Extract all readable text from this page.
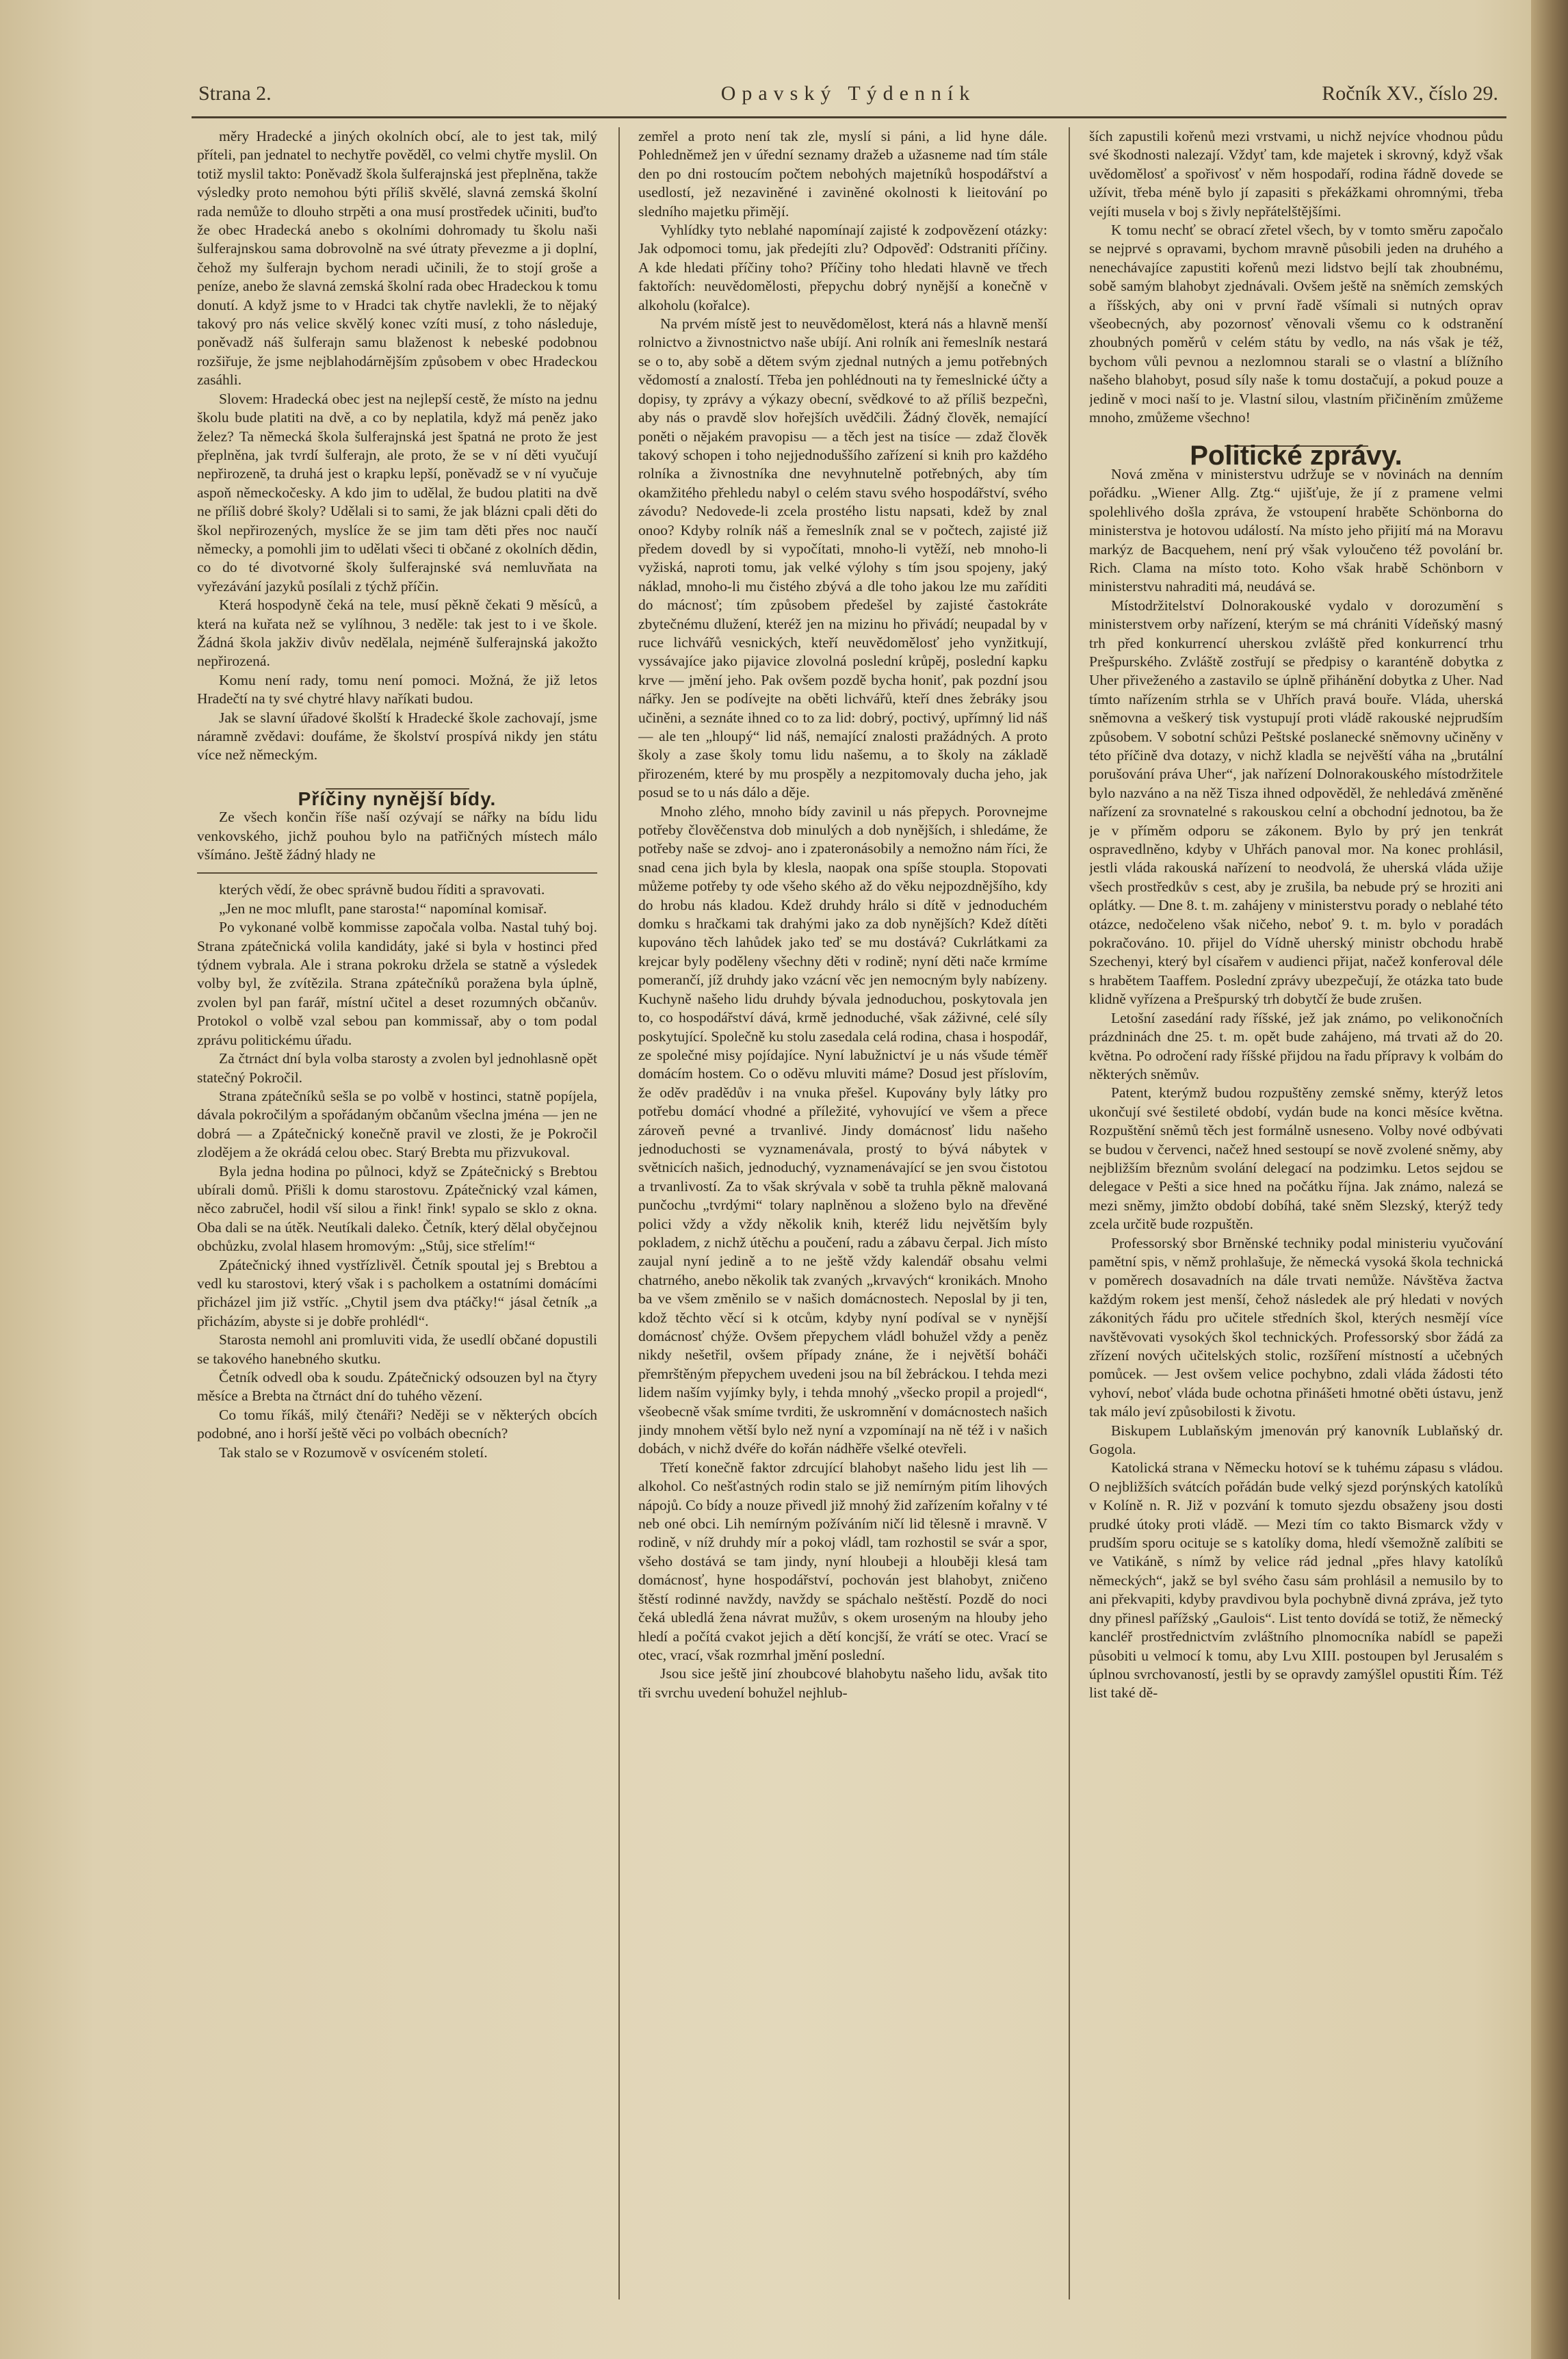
Strana 2.	Opavský Týdenník	Ročník XV., číslo 29.

měry Hradecké a jiných okolních obcí, ale to jest tak, milý příteli, pan jednatel to nechytře pověděl, co velmi chytře myslil. On totiž myslil takto: Poněvadž škola šulferajnská jest přeplněna, takže výsledky proto nemohou býti příliš skvělé, slavná zemská školní rada nemůže to dlouho strpěti a ona musí prostředek učiniti, buďto že obec Hradecká anebo s okolními dohromady tu školu naši šulferajnskou sama dobrovolně na své útraty převezme a ji doplní, čehož my šulferajn bychom neradi učinili, že to stojí groše a peníze, anebo že slavná zemská školní rada obec Hradeckou k tomu donutí. A když jsme to v Hradci tak chytře navlekli, že to nějaký takový pro nás velice skvělý konec vzíti musí, z toho následuje, poněvadž náš šulferajn samu blaženost k nebeské podobnou rozšiřuje, že jsme nejblahodárnějším způsobem v obec Hradeckou zasáhli.

Slovem: Hradecká obec jest na nejlepší cestě, že místo na jednu školu bude platiti na dvě, a co by neplatila, když má peněz jako želez? Ta německá škola šulferajnská jest špatná ne proto že jest přeplněna, jak tvrdí šulferajn, ale proto, že se v ní děti vyučují nepřirozeně, ta druhá jest o krapku lepší, poněvadž se v ní vyučuje aspoň německočesky. A kdo jim to udělal, že budou platiti na dvě ne příliš dobré školy? Udělali si to sami, že jak blázni cpali děti do škol nepřirozených, myslíce že se jim tam děti přes noc naučí německy, a pomohli jim to udělati všeci ti občané z okolních dědin, co do té divotvorné školy šulferajnské svá nemluvňata na vyřezávání jazyků posílali z týchž příčin.

Která hospodyně čeká na tele, musí pěkně čekati 9 měsíců, a která na kuřata než se vylíhnou, 3 neděle: tak jest to i ve škole. Žádná škola jakživ divův nedělala, nejméně šulferajnská jakožto nepřirozená.

Komu není rady, tomu není pomoci. Možná, že již letos Hradečtí na ty své chytré hlavy naříkati budou.

Jak se slavní úřadové školští k Hradecké škole zachovají, jsme náramně zvědavi: doufáme, že školství prospívá nikdy jen státu více než německým.

Příčiny nynější bídy.

Ze všech končin říše naší ozývají se nářky na bídu lidu venkovského, jichž pouhou bylo na patřičných místech málo všímáno. Ještě žádný hlady ne

kterých vědí, že obec správně budou říditi a spravovati.

„Jen ne moc mluflt, pane starosta!“ napomínal komisař.

Po vykonané volbě kommisse započala volba. Nastal tuhý boj. Strana zpátečnická volila kandidáty, jaké si byla v hostinci před týdnem vybrala. Ale i strana pokroku držela se statně a výsledek volby byl, že zvítězila. Strana zpátečníků poražena byla úplně, zvolen byl pan farář, místní učitel a deset rozumných občanův. Protokol o volbě vzal sebou pan kommissař, aby o tom podal zprávu politickému úřadu.

Za čtrnáct dní byla volba starosty a zvolen byl jednohlasně opět statečný Pokročil.

Strana zpátečníků sešla se po volbě v hostinci, statně popíjela, dávala pokročilým a spořádaným občanům všeclna jména — jen ne dobrá — a Zpátečnický konečně pravil ve zlosti, že je Pokročil zlodějem a že okrádá celou obec. Starý Brebta mu přizvukoval.

Byla jedna hodina po půlnoci, když se Zpátečnický s Brebtou ubírali domů. Přišli k domu starostovu. Zpátečnický vzal kámen, něco zabručel, hodil vší silou a řink! řink! sypalo se sklo z okna. Oba dali se na útěk. Neutíkali daleko. Četník, který dělal obyčejnou obchůzku, zvolal hlasem hromovým: „Stůj, sice střelím!“

Zpátečnický ihned vystřízlivěl. Četník spoutal jej s Brebtou a vedl ku starostovi, který však i s pacholkem a ostatními domácími přicházel jim již vstříc. „Chytil jsem dva ptáčky!“ jásal četník „a přicházím, abyste si je dobře prohlédl“.

Starosta nemohl ani promluviti vida, že usedlí občané dopustili se takového hanebného skutku.

Četník odvedl oba k soudu. Zpátečnický odsouzen byl na čtyry měsíce a Brebta na čtrnáct dní do tuhého vězení.

Co tomu říkáš, milý čtenáři? Neději se v některých obcích podobné, ano i horší ještě věci po volbách obecních?

Tak stalo se v Rozumově v osvíceném století.

zemřel a proto není tak zle, myslí si páni, a lid hyne dále. Pohledněmež jen v úřední seznamy dražeb a užasneme nad tím stále den po dni rostoucím počtem nebohých majetníků hospodářství a usedlostí, jež nezaviněné i zaviněné okolnosti k lieitování po sledního majetku přimějí.

Vyhlídky tyto neblahé napomínají zajisté k zodpovězení otázky: Jak odpomoci tomu, jak předejíti zlu? Odpověď: Odstraniti příčiny. A kde hledati příčiny toho? Příčiny toho hledati hlavně ve třech faktořích: neuvědomělosti, přepychu dobrý nynější a konečně v alkoholu (kořalce).

Na prvém místě jest to neuvědomělost, která nás a hlavně menší rolnictvo a živnostnictvo naše ubíjí. Ani rolník ani řemeslník nestará se o to, aby sobě a dětem svým zjednal nutných a jemu potřebných vědomostí a znalostí. Třeba jen pohlédnouti na ty řemeslnické účty a dopisy, ty zprávy a výkazy obecní, svědkové to až příliš bezpečnì, aby nás o pravdě slov hořejších uvědčili. Žádný člověk, nemající poněti o nějakém pravopisu — a těch jest na tisíce — zdaž člověk takový schopen i toho nejjednoduššího zařízení si knih pro každého rolníka a živnostníka dne nevyhnutelně potřebných, aby tím okamžitého přehledu nabyl o celém stavu svého hospodářství, svého závodu? Nedovede-li zcela prostého listu napsati, kdež by znal onoo? Kdyby rolník náš a řemeslník znal se v počtech, zajisté již předem dovedl by si vypočítati, mnoho-li vytěží, neb mnoho-li vyžiská, naproti tomu, jak velké výlohy s tím jsou spojeny, jaký náklad, mnoho-li mu čistého zbývá a dle toho jakou lze mu zaříditi do mácnosť; tím způsobem předešel by zajisté častokráte zbytečnému dlužení, kteréž jen na mizinu ho přivádí; neupadal by v ruce lichvářů vesnických, kteří neuvědomělosť jeho vynžitkují, vyssávajíce jako pijavice zlovolná poslední krůpěj, poslední kapku krve — jmění jeho. Pak ovšem pozdě bycha honiť, pak pozdní jsou nářky. Jen se podívejte na oběti lichvářů, kteří dnes žebráky jsou učiněni, a seznáte ihned co to za lid: dobrý, poctivý, upřímný lid náš — ale ten „hloupý“ lid náš, nemající znalosti pražádných. A proto školy a zase školy tomu lidu našemu, a to školy na základě přirozeném, které by mu prospěly a nezpitomovaly ducha jeho, jak posud se to u nás dálo a děje.

Mnoho zlého, mnoho bídy zavinil u nás přepych. Porovnejme potřeby člověčenstva dob minulých a dob nynějších, i shledáme, že potřeby naše se zdvoj- ano i zpateronásobily a nemožno nám říci, že snad cena jich byla by klesla, naopak ona spíše stoupla. Stopovati můžeme potřeby ty ode všeho ského až do věku nejpozdnějšího, kdy do hrobu nás kladou. Kdež druhdy hrálo si dítě v jednoduchém domku s hračkami tak drahými jako za dob nynějších? Kdež dítěti kupováno těch lahůdek jako teď se mu dostává? Cukrlátkami za krejcar byly poděleny všechny děti v rodině; nyní děti nače krmíme pomerančí, jíž druhdy jako vzácní věc jen nemocným byly nabízeny. Kuchyně našeho lidu druhdy bývala jednoduchou, poskytovala jen to, co hospodářství dává, krmě jednoduché, však záživné, celé síly poskytující. Společně ku stolu zasedala celá rodina, chasa i hospodář, ze společné misy pojídajíce. Nyní labužnictví je u nás všude téměř domácím hostem. Co o oděvu mluviti máme? Dosud jest příslovím, že oděv pradědův i na vnuka přešel. Kupovány byly látky pro potřebu domácí vhodné a příležité, vyhovující ve všem a přece zároveň pevné a trvanlivé. Jindy domácnosť lidu našeho jednoduchosti se vyznamenávala, prostý to bývá nábytek v světnicích našich, jednoduchý, vyznamenávající se jen svou čistotou a trvanlivostí. Za to však skrývala v sobě ta truhla pěkně malovaná punčochu „tvrdými“ tolary naplněnou a složeno bylo na dřevěné polici vždy a vždy několik knih, kteréž lidu největším byly pokladem, z nichž útěchu a poučení, radu a zábavu čerpal. Jich místo zaujal nyní jedině a to ne ještě vždy kalendář obsahu velmi chatrného, anebo několik tak zvaných „krvavých“ kronikách. Mnoho ba ve všem změnilo se v našich domácnostech. Neposlal by ji ten, kdož těchto věcí si k otcům, kdyby nyní podíval se v nynější domácnosť chýže. Ovšem přepychem vládl bohužel vždy a peněz nikdy nešetřil, ovšem případy znáne, že i největší boháči přemrštěným přepychem uvedeni jsou na bíl žebráckou. I tehda mezi lidem naším vyjímky byly, i tehda mnohý „všecko propil a projedl“, všeobecně však smíme tvrditi, že uskromnění v domácnostech našich jindy mnohem větší bylo než nyní a vzpomínají na ně též i v našich dobách, v nichž dvéře do kořán nádhěře všelké otevřeli.

Třetí konečně faktor zdrcující blahobyt našeho lidu jest lih — alkohol. Co nešťastných rodin stalo se již nemírným pitím lihových nápojů. Co bídy a nouze přivedl již mnohý žid zařízením kořalny v té neb oné obci. Lih nemírným požíváním ničí lid tělesně i mravně. V rodině, v níž druhdy mír a pokoj vládl, tam rozhostil se svár a spor, všeho dostává se tam jindy, nyní hloubeji a hlouběji klesá tam domácnosť, hyne hospodářství, pochován jest blahobyt, zničeno štěstí rodinné navždy, navždy se spáchalo neštěstí. Pozdě do noci čeká ubledlá žena návrat mužův, s okem uroseným na hlouby jeho hledí a počítá cvakot jejich a dětí koncjší, že vrátí se otec. Vrací se otec, vrací, však rozmrhal jmění poslední.

Jsou sice ještě jiní zhoubcové blahobytu našeho lidu, avšak tito tři svrchu uvedení bohužel nejhlub-

ších zapustili kořenů mezi vrstvami, u nichž nejvíce vhodnou půdu své škodnosti nalezají. Vždyť tam, kde majetek i skrovný, když však uvědomělosť a spořivosť v něm hospodaří, rodina řádně dovede se užívit, třeba méně bylo jí zapasiti s překážkami ohromnými, třeba vejíti musela v boj s živly nepřátelštějšími.

K tomu nechť se obrací zřetel všech, by v tomto směru započalo se nejprvé s opravami, bychom mravně působili jeden na druhého a nenechávajíce zapustiti kořenů mezi lidstvo bejlí tak zhoubnému, sobě samým blahobyt zjednávali. Ovšem ještě na sněmích zemských a říšských, aby oni v první řadě všímali si nutných oprav všeobecných, aby pozornosť věnovali všemu co k odstranění zhoubných poměrů v celém státu by vedlo, na nás však je též, bychom vůli pevnou a nezlomnou starali se o vlastní a blížního našeho blahobyt, posud síly naše k tomu dostačují, a pokud pouze a jedině v moci naší to je. Vlastní silou, vlastním přičiněním zmůžeme mnoho, zmůžeme všechno!

Politické zprávy.

Nová změna v ministerstvu udržuje se v novinách na denním pořádku. „Wiener Allg. Ztg.“ ujišťuje, že jí z pramene velmi spolehlivého došla zpráva, že vstoupení hraběte Schönborna do ministerstva je hotovou událostí. Na místo jeho přijití má na Moravu markýz de Bacquehem, není prý však vyloučeno též povolání br. Rich. Clama na místo toto. Koho však hrabě Schönborn v ministerstvu nahraditi má, neudává se.

Místodržitelství Dolnorakouské vydalo v dorozumění s ministerstvem orby nařízení, kterým se má chrániti Vídeňský masný trh před konkurrencí uherskou zvláště před konkurrencí trhu Prešpurského. Zvláště zostřují se předpisy o karanténě dobytka z Uher přiveženého a zastavilo se úplně přihánění dobytka z Uher. Nad tímto nařízením strhla se v Uhřích pravá bouře. Vláda, uherská sněmovna a veškerý tisk vystupují proti vládě rakouské nejprudším způsobem. V sobotní schůzi Peštské poslanecké sněmovny učiněny v této příčině dva dotazy, v nichž kladla se nejvěští váha na „brutální porušování práva Uher“, jak nařízení Dolnorakouského místodržitele bylo nazváno a na něž Tisza ihned odpověděl, že nehledává změněné nařízení za srovnatelné s rakouskou celní a obchodní jednotou, ba že je v příměm odporu se zákonem. Bylo by prý jen tenkrát ospravedlněno, kdyby v Uhřách panoval mor. Na konec prohlásil, jestli vláda rakouská nařízení to neodvolá, že uherská vláda užije všech prostředkův s cest, aby je zrušila, ba nebude prý se hroziti ani oplátky. — Dne 8. t. m. zahájeny v ministerstvu porady o neblahé této otázce, nedočeleno však ničeho, neboť 9. t. m. bylo v poradách pokračováno. 10. přijel do Vídně uherský ministr obchodu hrabě Szechenyi, který byl císařem v audienci přijat, načež konferoval déle s hrabětem Taaffem. Poslední zprávy ubezpečují, že otázka tato bude klidně vyřízena a Prešpurský trh dobytčí že bude zrušen.

Letošní zasedání rady říšské, jež jak známo, po velikonočních prázdninách dne 25. t. m. opět bude zahájeno, má trvati až do 20. května. Po odročení rady říšské přijdou na řadu přípravy k volbám do některých sněmův.

Patent, kterýmž budou rozpuštěny zemské sněmy, kterýž letos ukončují své šestileté období, vydán bude na konci měsíce května. Rozpuštění sněmů těch jest formálně usneseno. Volby nové odbývati se budou v červenci, načež hned sestoupí se nově zvolené sněmy, aby nejbližším březnům svolání delegací na podzimku. Letos sejdou se delegace v Pešti a sice hned na počátku října. Jak známo, nalezá se mezi sněmy, jimžto období dobíhá, také sněm Slezský, kterýž tedy zcela určitě bude rozpuštěn.

Professorský sbor Brněnské techniky podal ministeriu vyučování pamětní spis, v němž prohlašuje, že německá vysoká škola technická v poměrech dosavadních na dále trvati nemůže. Návštěva žactva každým rokem jest menší, čehož následek ale prý hledati v nových zákonitých řádu pro učitele středních škol, kterých nesmějí více navštěvovati vysokých škol technických. Professorský sbor žádá za zřízení nových učitelských stolic, rozšíření místností a učebných pomůcek. — Jest ovšem velice pochybno, zdali vláda žádosti této vyhoví, neboť vláda bude ochotna přinášeti hmotné oběti ústavu, jenž tak málo jeví způsobilosti k životu.

Biskupem Lublaňským jmenován prý kanovník Lublaňský dr. Gogola.

Katolická strana v Německu hotoví se k tuhému zápasu s vládou. O nejbližších svátcích pořádán bude velký sjezd porýnských katolíků v Kolíně n. R. Již v pozvání k tomuto sjezdu obsaženy jsou dosti prudké útoky proti vládě. — Mezi tím co takto Bismarck vždy v prudším sporu ocituje se s katolíky doma, hledí všemožně zalíbiti se ve Vatikáně, s nímž by velice rád jednal „přes hlavy katolíků německých“, jakž se byl svého času sám prohlásil a nemusilo by to ani překvapiti, kdyby pravdivou byla pochybně divná zpráva, jež tyto dny přinesl pařížský „Gaulois“. List tento dovídá se totiž, že německý kancléř prostřednictvím zvláštního plnomocníka nabídl se papeži působiti u velmocí k tomu, aby Lvu XIII. postoupen byl Jerusalém s úplnou svrchovaností, jestli by se opravdy zamýšlel opustiti Řím. Též list také dě-
